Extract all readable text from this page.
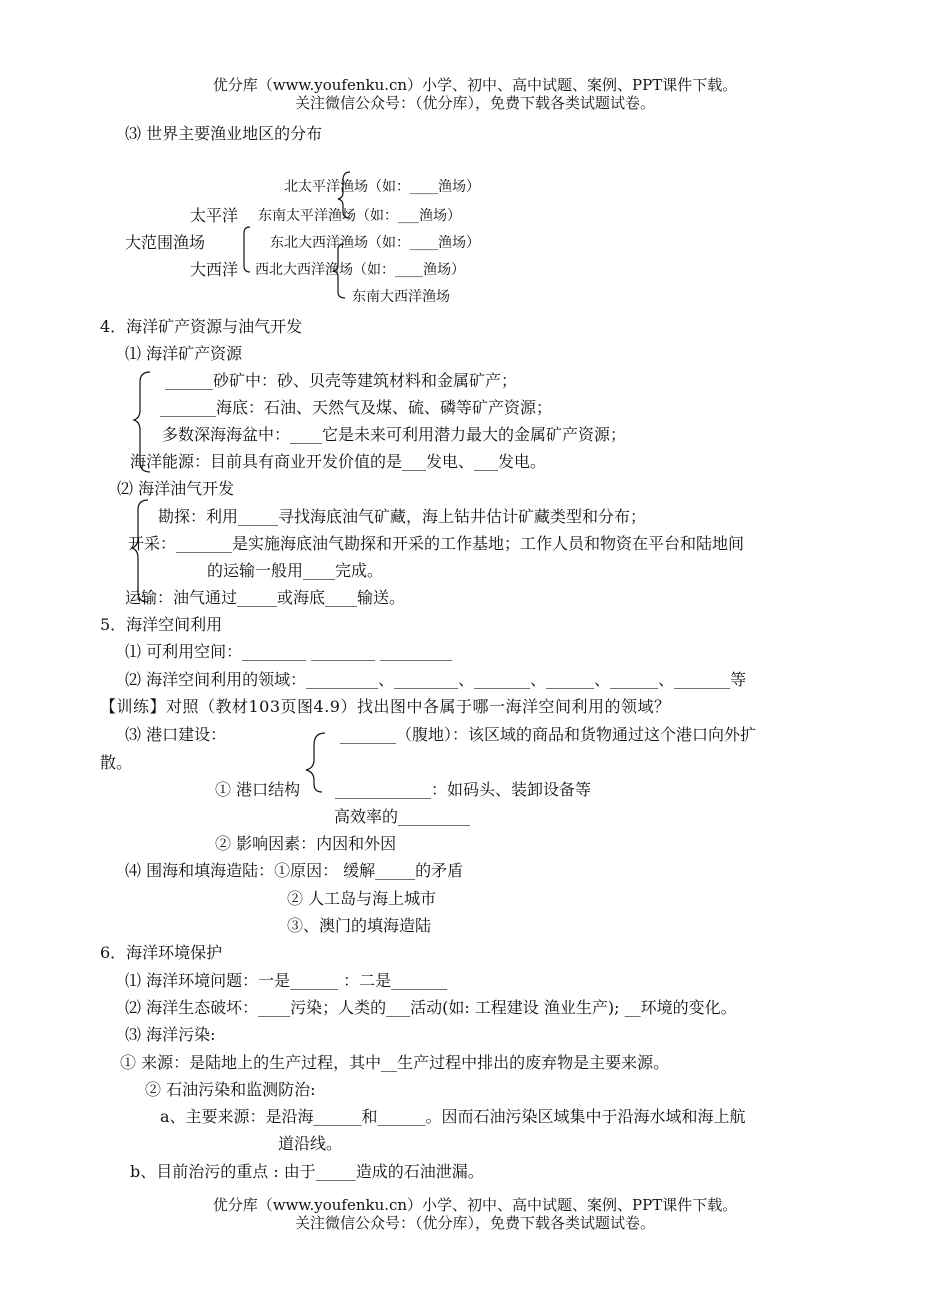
优分库（www.youfenku.cn）小学、初中、高中试题、案例、PPT课件下载。
关注微信公众号：（优分库），免费下载各类试题试卷。
⑶ 世界主要渔业地区的分布
北太平洋渔场（如：____渔场）
太平洋 东南太平洋渔场（如：___渔场）
大范围渔场	东北大西洋渔场（如：____渔场）
大西洋 西北大西洋渔场（如：____渔场）
东南大西洋渔场
4．海洋矿产资源与油气开发
⑴ 海洋矿产资源
______砂矿中：砂、贝壳等建筑材料和金属矿产；
_______海底：石油、天然气及煤、硫、磷等矿产资源；
多数深海海盆中：____它是未来可利用潜力最大的金属矿产资源；
海洋能源：目前具有商业开发价值的是___发电、___发电。
⑵ 海洋油气开发
勘探：利用_____寻找海底油气矿藏，海上钻井估计矿藏类型和分布；
开采：_______是实施海底油气勘探和开采的工作基地；工作人员和物资在平台和陆地间
的运输一般用____完成。
运输：油气通过_____或海底____输送。
5．海洋空间利用
⑴ 可利用空间：________ ________ _________
⑵ 海洋空间利用的领域：_________、________、_______、______、______、_______等
【训练】对照（教材103页图4.9）找出图中各属于哪一海洋空间利用的领域？
⑶ 港口建设：	_______（腹地）：该区域的商品和货物通过这个港口向外扩
散。
① 港口结构 ____________：如码头、装卸设备等
高效率的_________
② 影响因素：内因和外因
⑷ 围海和填海造陆：①原因： 缓解_____的矛盾
② 人工岛与海上城市
③、澳门的填海造陆
6．海洋环境保护
⑴ 海洋环境问题：一是______ ：二是_______
⑵ 海洋生态破坏：____污染；人类的___活动(如: 工程建设 渔业生产); __环境的变化。
⑶ 海洋污染:
① 来源：是陆地上的生产过程，其中__生产过程中排出的废弃物是主要来源。
② 石油污染和监测防治:
a、主要来源：是沿海______和______。因而石油污染区域集中于沿海水域和海上航
道沿线。
b、目前治污的重点 : 由于_____造成的石油泄漏。
优分库（www.youfenku.cn）小学、初中、高中试题、案例、PPT课件下载。
关注微信公众号：（优分库），免费下载各类试题试卷。
